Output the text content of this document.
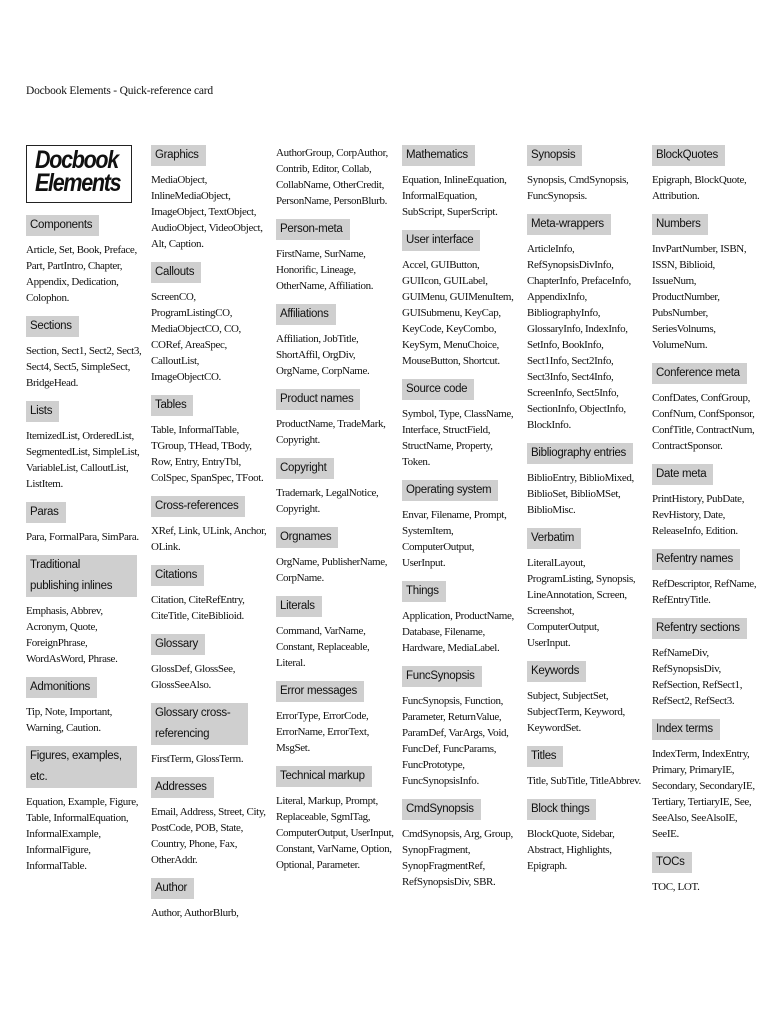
Docbook Elements - Quick-reference card
Docbook
Elements
Components
Article, Set, Book, Preface, Part, PartIntro, Chapter, Appendix, Dedication, Colophon.
Sections
Section, Sect1, Sect2, Sect3, Sect4, Sect5, SimpleSect, BridgeHead.
Lists
ItemizedList, OrderedList, SegmentedList, SimpleList, VariableList, CalloutList, ListItem.
Paras
Para, FormalPara, SimPara.
Traditional publishing inlines
Emphasis, Abbrev, Acronym, Quote, ForeignPhrase, WordAsWord, Phrase.
Admonitions
Tip, Note, Important, Warning, Caution.
Figures, examples, etc.
Equation, Example, Figure, Table, InformalEquation, InformalExample, InformalFigure, InformalTable.
Graphics
MediaObject, InlineMediaObject, ImageObject, TextObject, AudioObject, VideoObject, Alt, Caption.
Callouts
ScreenCO, ProgramListingCO, MediaObjectCO, CO, CORef, AreaSpec, CalloutList, ImageObjectCO.
Tables
Table, InformalTable, TGroup, THead, TBody, Row, Entry, EntryTbl, ColSpec, SpanSpec, TFoot.
Cross-references
XRef, Link, ULink, Anchor, OLink.
Citations
Citation, CiteRefEntry, CiteTitle, CiteBiblioid.
Glossary
GlossDef, GlossSee, GlossSeeAlso.
Glossary cross-referencing
FirstTerm, GlossTerm.
Addresses
Email, Address, Street, City, PostCode, POB, State, Country, Phone, Fax, OtherAddr.
Author
Author, AuthorBlurb,
AuthorGroup, CorpAuthor, Contrib, Editor, Collab, CollabName, OtherCredit, PersonName, PersonBlurb.
Person-meta
FirstName, SurName, Honorific, Lineage, OtherName, Affiliation.
Affiliations
Affiliation, JobTitle, ShortAffil, OrgDiv, OrgName, CorpName.
Product names
ProductName, TradeMark, Copyright.
Copyright
Trademark, LegalNotice, Copyright.
Orgnames
OrgName, PublisherName, CorpName.
Literals
Command, VarName, Constant, Replaceable, Literal.
Error messages
ErrorType, ErrorCode, ErrorName, ErrorText, MsgSet.
Technical markup
Literal, Markup, Prompt, Replaceable, SgmlTag, ComputerOutput, UserInput, Constant, VarName, Option, Optional, Parameter.
Mathematics
Equation, InlineEquation, InformalEquation, SubScript, SuperScript.
User interface
Accel, GUIButton, GUIIcon, GUILabel, GUIMenu, GUIMenuItem, GUISubmenu, KeyCap, KeyCode, KeyCombo, KeySym, MenuChoice, MouseButton, Shortcut.
Source code
Symbol, Type, ClassName, Interface, StructField, StructName, Property, Token.
Operating system
Envar, Filename, Prompt, SystemItem, ComputerOutput, UserInput.
Things
Application, ProductName, Database, Filename, Hardware, MediaLabel.
FuncSynopsis
FuncSynopsis, Function, Parameter, ReturnValue, ParamDef, VarArgs, Void, FuncDef, FuncParams, FuncPrototype, FuncSynopsisInfo.
CmdSynopsis
CmdSynopsis, Arg, Group, SynopFragment, SynopFragmentRef, RefSynopsisDiv, SBR.
Synopsis
Synopsis, CmdSynopsis, FuncSynopsis.
Meta-wrappers
ArticleInfo, RefSynopsisDivInfo, ChapterInfo, PrefaceInfo, AppendixInfo, BibliographyInfo, GlossaryInfo, IndexInfo, SetInfo, BookInfo, Sect1Info, Sect2Info, Sect3Info, Sect4Info, ScreenInfo, Sect5Info, SectionInfo, ObjectInfo, BlockInfo.
Bibliography entries
BiblioEntry, BiblioMixed, BiblioSet, BiblioMSet, BiblioMisc.
Verbatim
LiteralLayout, ProgramListing, Synopsis, LineAnnotation, Screen, Screenshot, ComputerOutput, UserInput.
Keywords
Subject, SubjectSet, SubjectTerm, Keyword, KeywordSet.
Titles
Title, SubTitle, TitleAbbrev.
Block things
BlockQuote, Sidebar, Abstract, Highlights, Epigraph.
BlockQuotes
Epigraph, BlockQuote, Attribution.
Numbers
InvPartNumber, ISBN, ISSN, Biblioid, IssueNum, ProductNumber, PubsNumber, SeriesVolnums, VolumeNum.
Conference meta
ConfDates, ConfGroup, ConfNum, ConfSponsor, ConfTitle, ContractNum, ContractSponsor.
Date meta
PrintHistory, PubDate, RevHistory, Date, ReleaseInfo, Edition.
Refentry names
RefDescriptor, RefName, RefEntryTitle.
Refentry sections
RefNameDiv, RefSynopsisDiv, RefSection, RefSect1, RefSect2, RefSect3.
Index terms
IndexTerm, IndexEntry, Primary, PrimaryIE, Secondary, SecondaryIE, Tertiary, TertiaryIE, See, SeeAlso, SeeAlsoIE, SeeIE.
TOCs
TOC, LOT.
